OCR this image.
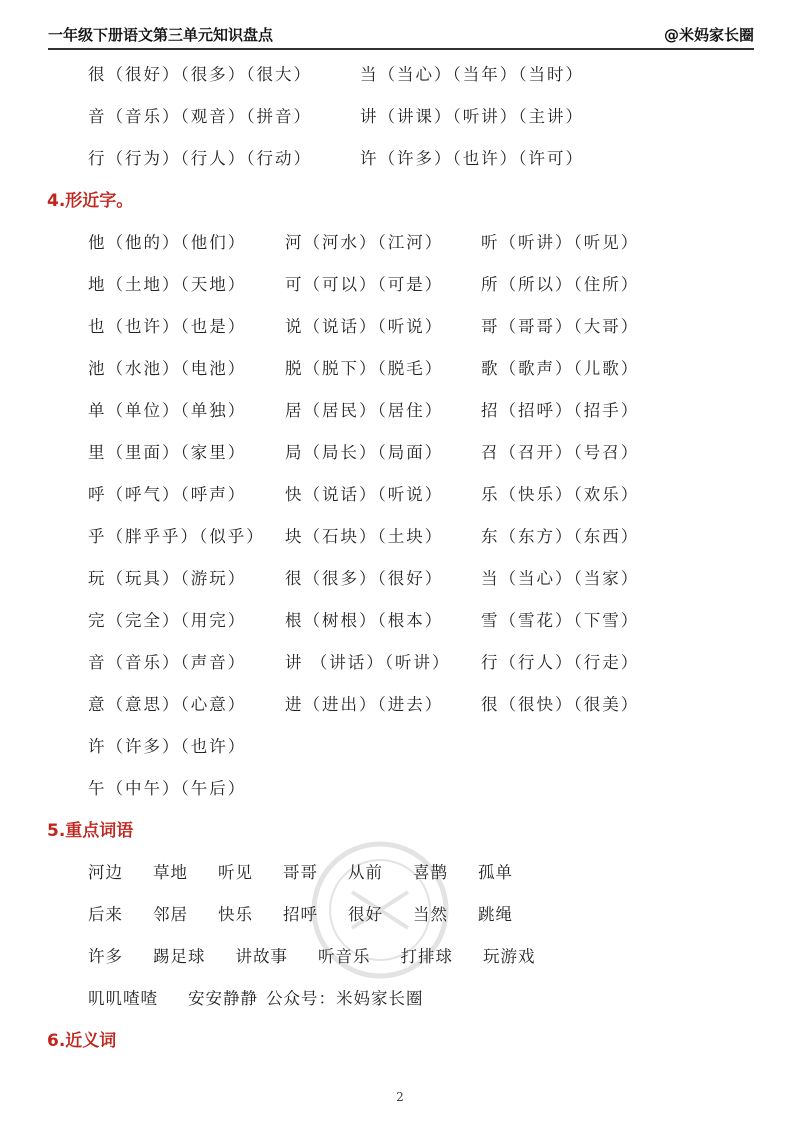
一年级下册语文第三单元知识盘点	@米妈家长圈
很（很好）（很多）（很大）	当（当心）（当年）（当时）
音（音乐）（观音）（拼音）	讲（讲课）（听讲）（主讲）
行（行为）（行人）（行动）	许（许多）（也许）（许可）
4.形近字。
他（他的）（他们） 河（河水）（江河） 听（听讲）（听见）
地（土地）（天地） 可（可以）（可是） 所（所以）（住所）
也（也许）（也是） 说（说话）（听说） 哥（哥哥）（大哥）
池（水池）（电池） 脱（脱下）（脱毛） 歌（歌声）（儿歌）
单（单位）（单独） 居（居民）（居住） 招（招呼）（招手）
里（里面）（家里） 局（局长）（局面） 召（召开）（号召）
呼（呼气）（呼声） 快（说话）（听说） 乐（快乐）（欢乐）
乎（胖乎乎）（似乎） 块（石块）（土块） 东（东方）（东西）
玩（玩具）（游玩） 很（很多）（很好） 当（当心）（当家）
完（完全）（用完） 根（树根）（根本） 雪（雪花）（下雪）
音（音乐）（声音） 讲 （讲话）（听讲） 行（行人）（行走）
意（意思）（心意） 进（进出）（进去） 很（很快）（很美）
许（许多）（也许）
午（中午）（午后）
5.重点词语
河边 草地 听见 哥哥 从前 喜鹊 孤单
后来 邻居 快乐 招呼 很好 当然 跳绳
许多 踢足球 讲故事 听音乐 打排球 玩游戏
叽叽喳喳 安安静静 公众号：米妈家长圈
6.近义词
2
